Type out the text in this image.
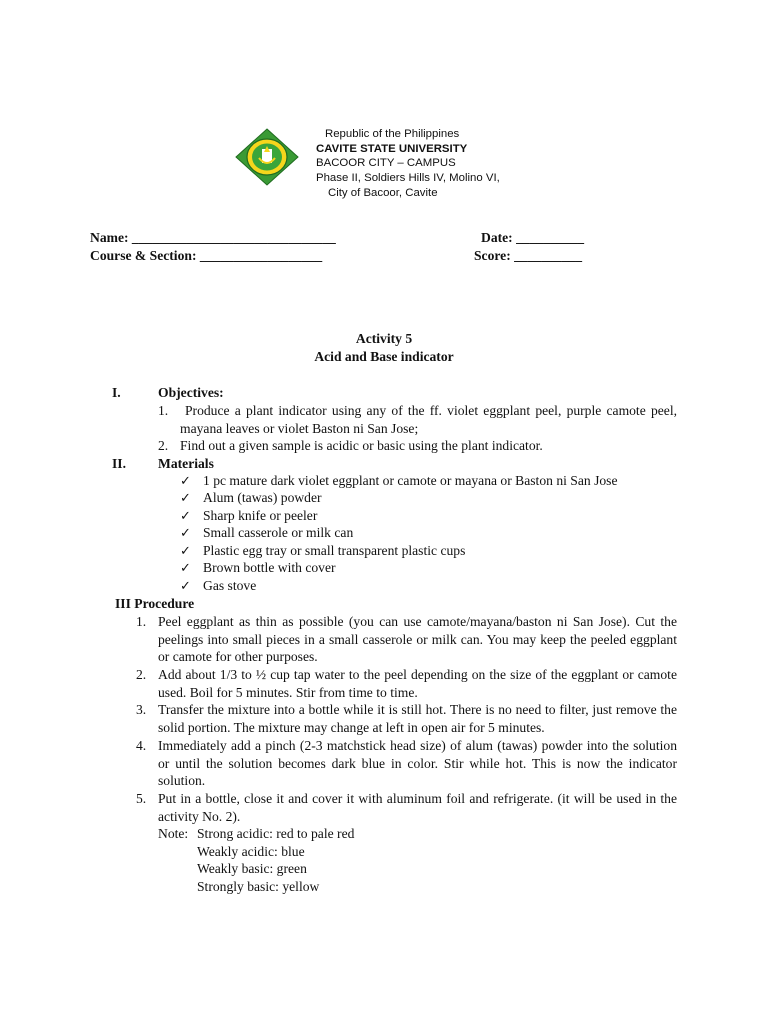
Republic of the Philippines
CAVITE STATE UNIVERSITY
BACOOR CITY – CAMPUS
Phase II, Soldiers Hills IV, Molino VI,
City of Bacoor, Cavite
Name: ______________________________
Course & Section: __________________
Date: __________
Score: __________
Activity 5
Acid and Base indicator
I.	Objectives:
1.	Produce a plant indicator using any of the ff. violet eggplant peel, purple camote peel, mayana leaves or violet Baston ni San Jose;
2. Find out a given sample is acidic or basic using the plant indicator.
II. Materials
✓ 1 pc mature dark violet eggplant or camote or mayana or Baston ni San Jose
✓ Alum (tawas) powder
✓ Sharp knife or peeler
✓ Small casserole or milk can
✓ Plastic egg tray or small transparent plastic cups
✓ Brown bottle with cover
✓ Gas stove
III Procedure
1. Peel eggplant as thin as possible (you can use camote/mayana/baston ni San Jose). Cut the peelings into small pieces in a small casserole or milk can. You may keep the peeled eggplant or camote for other purposes.
2. Add about 1/3 to ½ cup tap water to the peel depending on the size of the eggplant or camote used. Boil for 5 minutes. Stir from time to time.
3. Transfer the mixture into a bottle while it is still hot. There is no need to filter, just remove the solid portion. The mixture may change at left in open air for 5 minutes.
4. Immediately add a pinch (2-3 matchstick head size) of alum (tawas) powder into the solution or until the solution becomes dark blue in color. Stir while hot. This is now the indicator solution.
5. Put in a bottle, close it and cover it with aluminum foil and refrigerate. (it will be used in the activity No. 2).
Note: Strong acidic: red to pale red
Weakly acidic: blue
Weakly basic: green
Strongly basic: yellow
